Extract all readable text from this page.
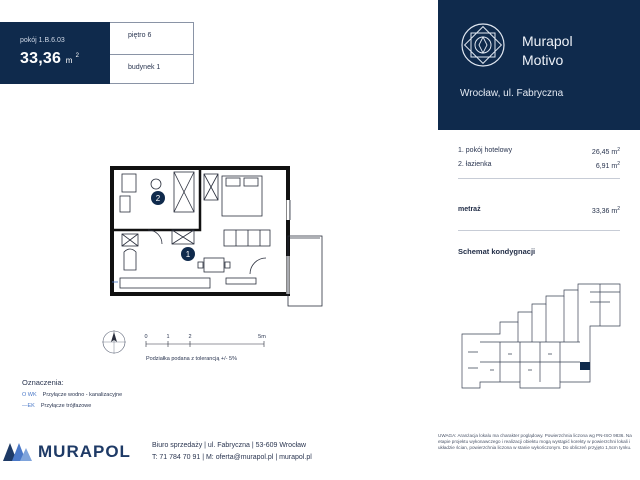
pokój 1.B.6.03
33,36 m $^2$
piętro 6
budynek 1
Murapol
Motivo
Wrocław, ul. Fabryczna
1. pokój hotelowy	26,45 $m^2$
2. łazienka	6,91 $m^2$
metraż	33,36 $m^2$
Schemat kondygnacji
2
1
0	1	2	5m
Podziałka podana z tolerancją +/- 5%
Oznaczenia:
O WK Przyłącze wodno - kanalizacyjne
—EK Przyłącze trójfazowe
MURAPOL	Biuro sprzedaży | ul. Fabryczna | 53-609 Wrocław
T: 71 784 70 91 | M: oferta@murapol.pl | murapol.pl
UWAGA: Aranżacja lokalu ma charakter poglądowy. Powierzchnia liczona wg PN-ISO 9836. Na etapie projektu wykonawczego i realizacji obiektu mogą wystąpić korekty w powierzchni lokali i układzie ścian, powierzchnia liczona w stanie wykończonym. Do obliczeń przyjęto 1,5cm tynku.
